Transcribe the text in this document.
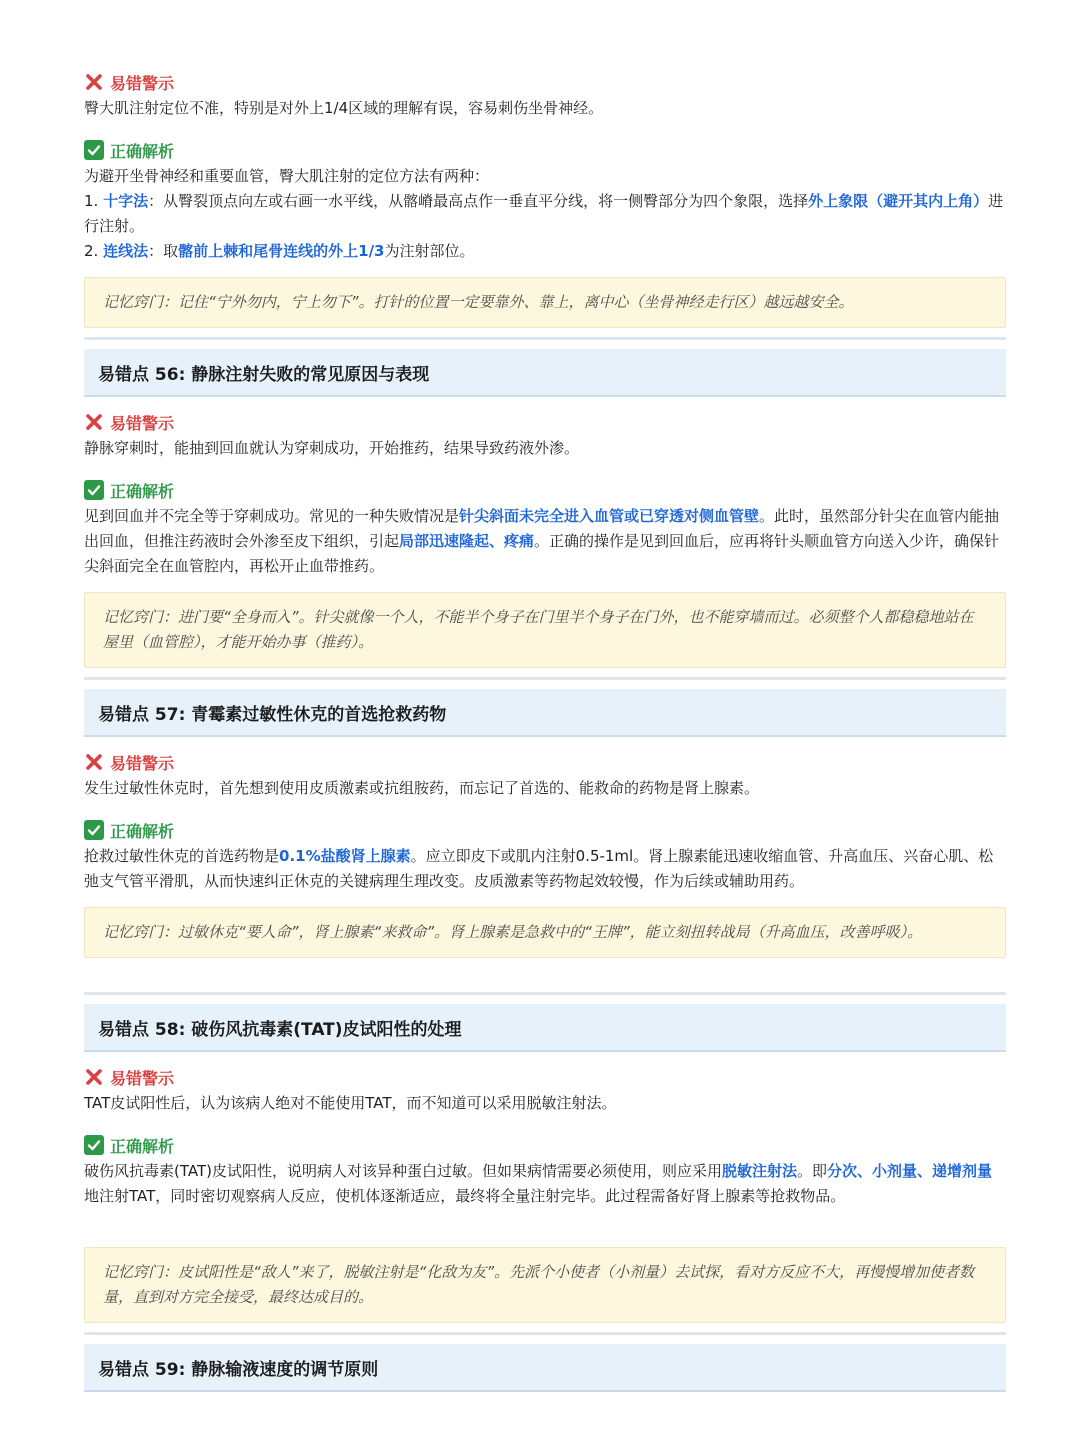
易错警示

臀大肌注射定位不准，特别是对外上1/4区域的理解有误，容易刺伤坐骨神经。

正确解析

为避开坐骨神经和重要血管，臀大肌注射的定位方法有两种：

1. 十字法：从臀裂顶点向左或右画一水平线，从髂嵴最高点作一垂直平分线，将一侧臀部分为四个象限，选择外上象限（避开其内上角）进行注射。

2. 连线法：取髂前上棘和尾骨连线的外上1/3为注射部位。

记忆窍门：记住“宁外勿内，宁上勿下”。打针的位置一定要靠外、靠上，离中心（坐骨神经走行区）越远越安全。
易错点 56: 静脉注射失败的常见原因与表现
易错警示

静脉穿刺时，能抽到回血就认为穿刺成功，开始推药，结果导致药液外渗。

正确解析

见到回血并不完全等于穿刺成功。常见的一种失败情况是针尖斜面未完全进入血管或已穿透对侧血管壁。此时，虽然部分针尖在血管内能抽出回血，但推注药液时会外渗至皮下组织，引起局部迅速隆起、疼痛。正确的操作是见到回血后，应再将针头顺血管方向送入少许，确保针尖斜面完全在血管腔内，再松开止血带推药。

记忆窍门：进门要“全身而入”。针尖就像一个人，不能半个身子在门里半个身子在门外，也不能穿墙而过。必须整个人都稳稳地站在屋里（血管腔），才能开始办事（推药）。
易错点 57: 青霉素过敏性休克的首选抢救药物
易错警示

发生过敏性休克时，首先想到使用皮质激素或抗组胺药，而忘记了首选的、能救命的药物是肾上腺素。

正确解析

抢救过敏性休克的首选药物是0.1%盐酸肾上腺素。应立即皮下或肌内注射0.5-1ml。肾上腺素能迅速收缩血管、升高血压、兴奋心肌、松弛支气管平滑肌，从而快速纠正休克的关键病理生理改变。皮质激素等药物起效较慢，作为后续或辅助用药。

记忆窍门：过敏休克“要人命”，肾上腺素“来救命”。肾上腺素是急救中的“王牌”，能立刻扭转战局（升高血压，改善呼吸）。
易错点 58: 破伤风抗毒素(TAT)皮试阳性的处理
易错警示

TAT皮试阳性后，认为该病人绝对不能使用TAT，而不知道可以采用脱敏注射法。

正确解析

破伤风抗毒素(TAT)皮试阳性，说明病人对该异种蛋白过敏。但如果病情需要必须使用，则应采用脱敏注射法。即分次、小剂量、递增剂量地注射TAT，同时密切观察病人反应，使机体逐渐适应，最终将全量注射完毕。此过程需备好肾上腺素等抢救物品。

记忆窍门：皮试阳性是“敌人”来了，脱敏注射是“化敌为友”。先派个小使者（小剂量）去试探，看对方反应不大，再慢慢增加使者数量，直到对方完全接受，最终达成目的。
易错点 59: 静脉输液速度的调节原则
